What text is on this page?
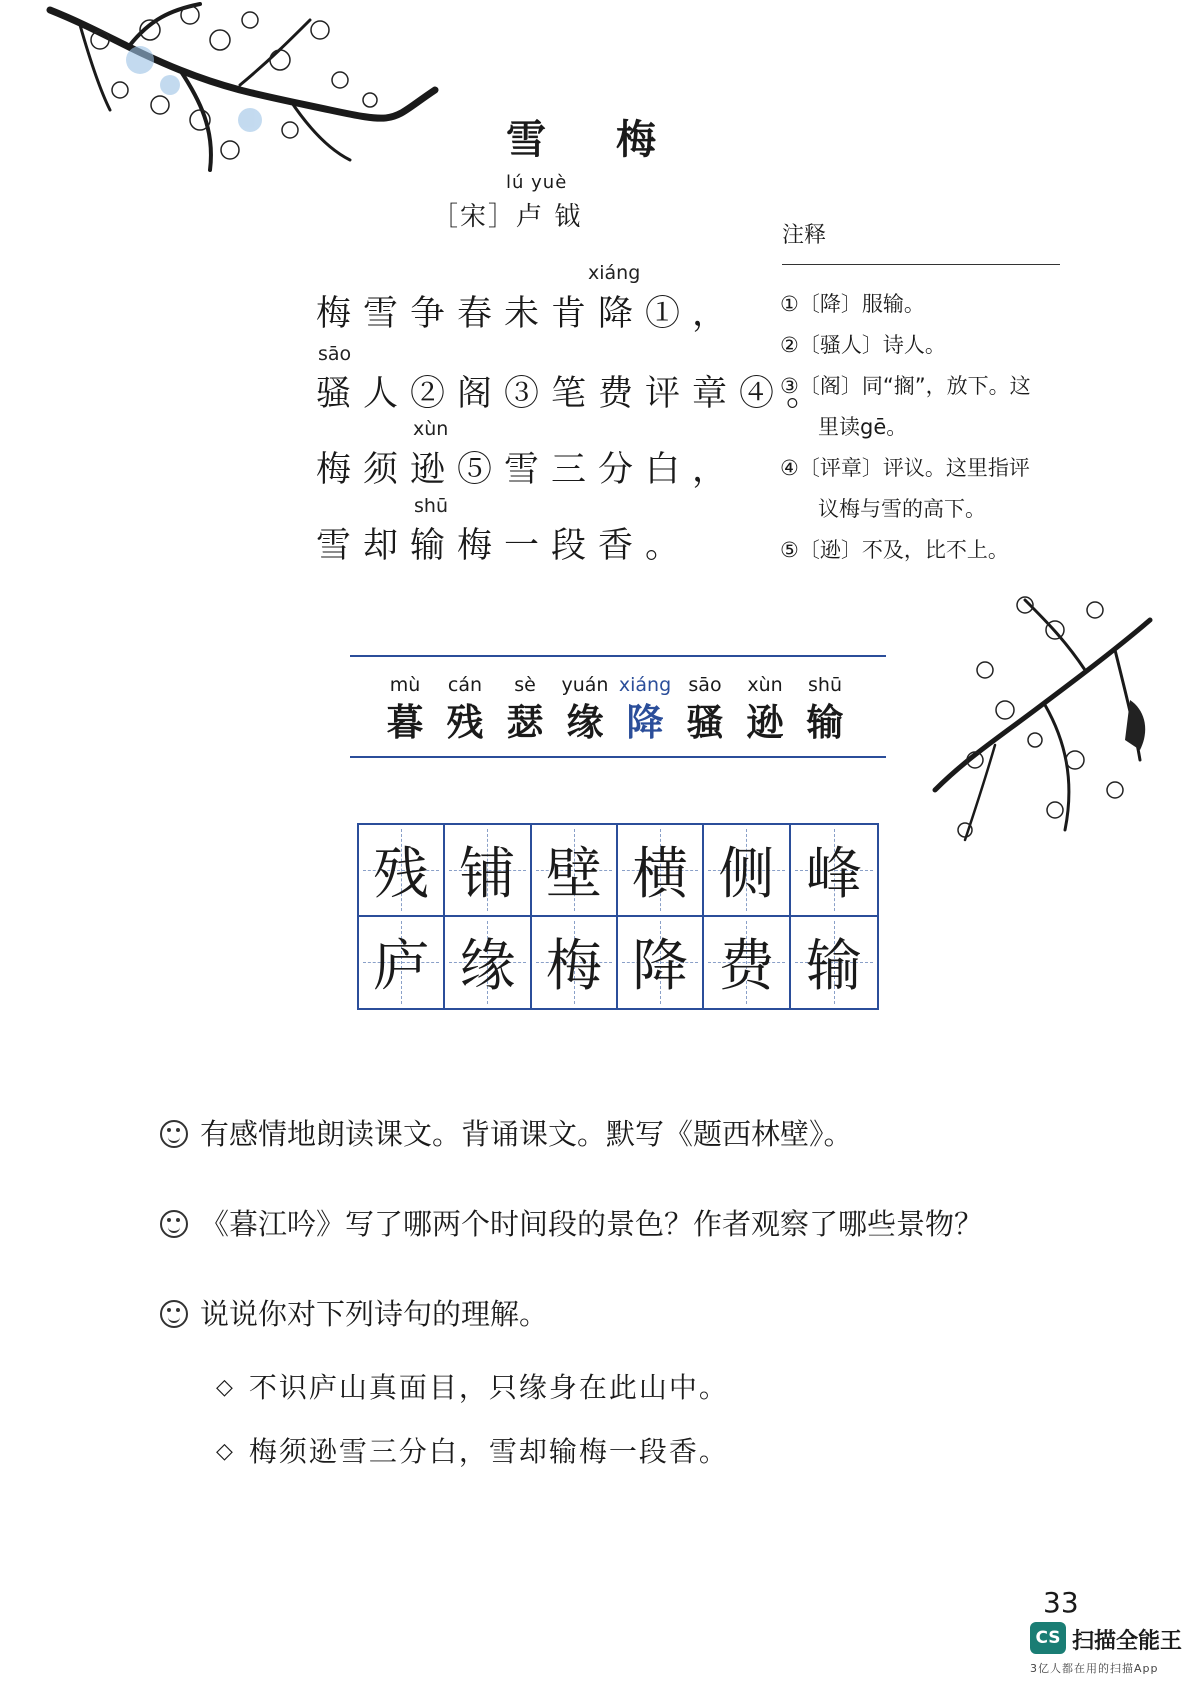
雪 梅
lú yuè
［宋］卢 钺
xiáng
梅雪争春未肯降①，
sāo
骚人②阁③笔费评章④。
xùn
梅须逊⑤雪三分白，
shū
雪却输梅一段香。
注释
①〔降〕服输。
②〔骚人〕诗人。
③〔阁〕同“搁”，放下。这
里读gē。
④〔评章〕评议。这里指评
议梅与雪的高下。
⑤〔逊〕不及，比不上。
mù
暮
cán
残
sè
瑟
yuán
缘
xiáng
降
sāo
骚
xùn
逊
shū
输
残 铺 壁 横 侧 峰
庐 缘 梅 降 费 输
有感情地朗读课文。背诵课文。默写《题西林壁》。
《暮江吟》写了哪两个时间段的景色？作者观察了哪些景物？
说说你对下列诗句的理解。
◇ 不识庐山真面目，只缘身在此山中。
◇ 梅须逊雪三分白，雪却输梅一段香。
33
CS 扫描全能王
3亿人都在用的扫描App
